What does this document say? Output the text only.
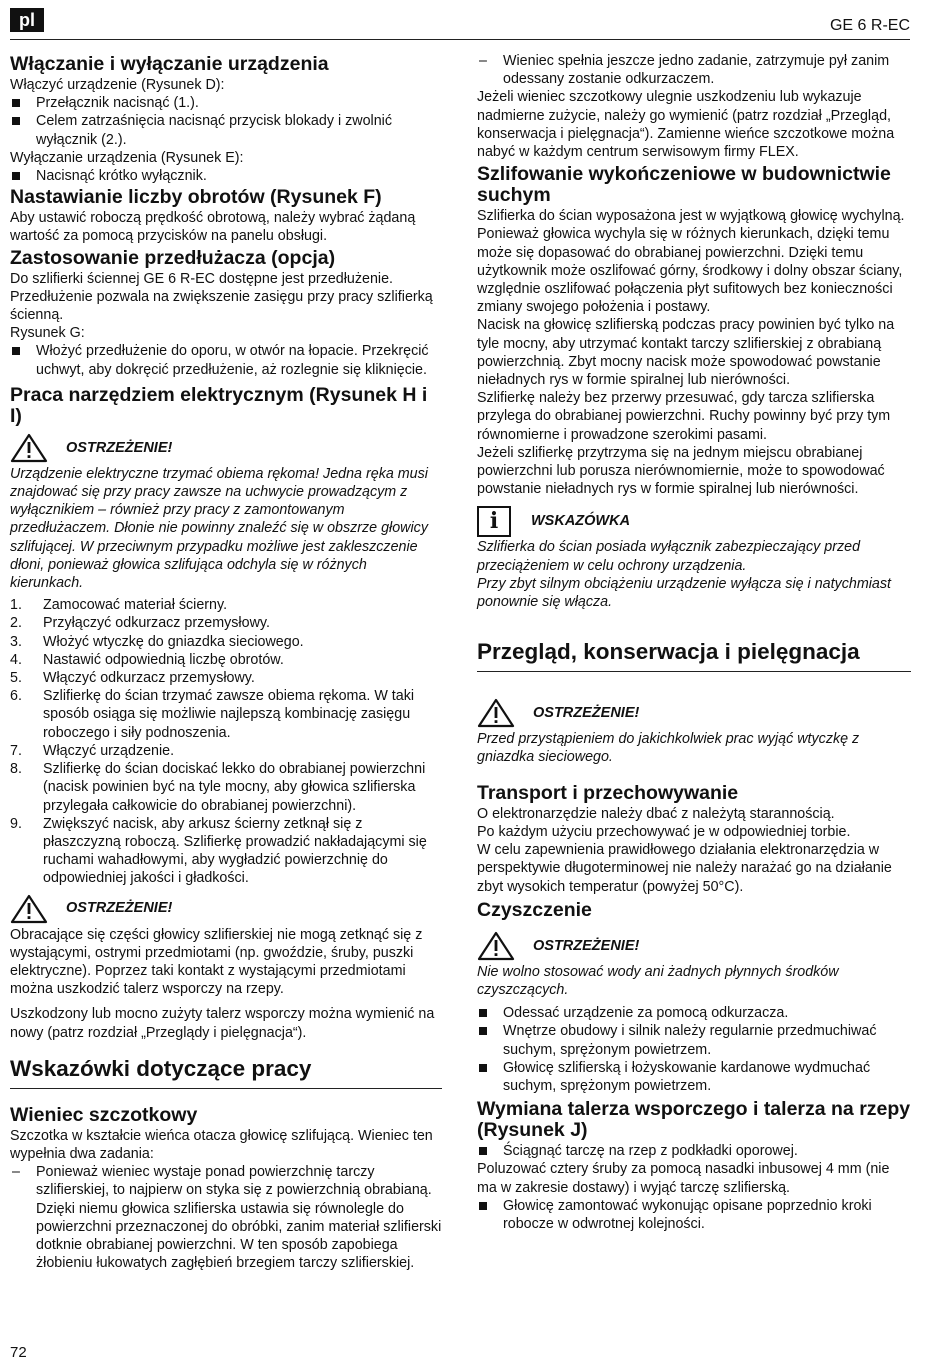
pl	GE 6 R-EC
Włączanie i wyłączanie urządzenia

Włączyć urządzenie (Rysunek D):

Przełącznik nacisnąć (1.).

Celem zatrzaśnięcia nacisnąć przycisk blokady i zwolnić wyłącznik (2.).

Wyłączanie urządzenia (Rysunek E):

Nacisnąć krótko wyłącznik.

Nastawianie liczby obrotów (Rysunek F)

Aby ustawić roboczą prędkość obrotową, należy wybrać żądaną wartość za pomocą przycisków na panelu obsługi.

Zastosowanie przedłużacza (opcja)

Do szlifierki ściennej GE 6 R-EC dostępne jest przedłużenie.

Przedłużenie pozwala na zwiększenie zasięgu przy pracy szlifierką ścienną.

Rysunek G:

Włożyć przedłużenie do oporu, w otwór na łopacie. Przekręcić uchwyt, aby dokręcić przedłużenie, aż rozlegnie się kliknięcie.

Praca narzędziem elektrycznym (Rysunek H i I)
OSTRZEŻENIE!

Urządzenie elektryczne trzymać obiema rękoma! Jedna ręka musi znajdować się przy pracy zawsze na uchwycie prowadzącym z wyłącznikiem – również przy pracy z zamontowanym przedłużaczem. Dłonie nie powinny znaleźć się w obszrze głowicy szlifującej. W przeciwnym przypadku możliwe jest zakleszczenie dłoni, ponieważ głowica szlifująca odchyla się w różnych kierunkach.

1. Zamocować materiał ścierny.
2. Przyłączyć odkurzacz przemysłowy.
3. Włożyć wtyczkę do gniazdka sieciowego.
4. Nastawić odpowiednią liczbę obrotów.
5. Włączyć odkurzacz przemysłowy.
6. Szlifierkę do ścian trzymać zawsze obiema rękoma. W taki sposób osiąga się możliwie najlepszą kombinację zasięgu roboczego i siły podnoszenia.
7. Włączyć urządzenie.
8. Szlifierkę do ścian dociskać lekko do obrabianej powierzchni (nacisk powinien być na tyle mocny, aby głowica szlifierska przylegała całkowicie do obrabianej powierzchni).
9. Zwiększyć nacisk, aby arkusz ścierny zetknął się z płaszczyzną roboczą. Szlifierkę prowadzić nakładającymi się ruchami wahadłowymi, aby wygładzić powierzchnię do odpowiedniej jakości i gładkości.
OSTRZEŻENIE!

Obracające się części głowicy szlifierskiej nie mogą zetknąć się z wystającymi, ostrymi przedmiotami (np. gwoździe, śruby, puszki elektryczne). Poprzez taki kontakt z wystającymi przedmiotami można uszkodzić talerz wsporczy na rzepy.

Uszkodzony lub mocno zużyty talerz wsporczy można wymienić na nowy (patrz rozdział „Przeglądy i pielęgnacja“).

Wskazówki dotyczące pracy
Wieniec szczotkowy

Szczotka w kształcie wieńca otacza głowicę szlifującą. Wieniec ten wypełnia dwa zadania:

– Ponieważ wieniec wystaje ponad powierzchnię tarczy szlifierskiej, to najpierw on styka się z powierzchnią obrabianą. Dzięki niemu głowica szlifierska ustawia się równolegle do powierzchni przeznaczonej do obróbki, zanim materiał szlifierski dotknie obrabianej powierzchni. W ten sposób zapobiega żłobieniu łukowatych zagłębień brzegiem tarczy szlifierskiej.

– Wieniec spełnia jeszcze jedno zadanie, zatrzymuje pył zanim odessany zostanie odkurzaczem.

Jeżeli wieniec szczotkowy ulegnie uszkodzeniu lub wykazuje nadmierne zużycie, należy go wymienić (patrz rozdział „Przegląd, konserwacja i pielęgnacja“). Zamienne wieńce szczotkowe można nabyć w każdym centrum serwisowym firmy FLEX.

Szlifowanie wykończeniowe w budownictwie suchym

Szlifierka do ścian wyposażona jest w wyjątkową głowicę wychylną. Ponieważ głowica wychyla się w różnych kierunkach, dzięki temu może się dopasować do obrabianej powierzchni. Dzięki temu użytkownik może oszlifować górny, środkowy i dolny obszar ściany, względnie oszlifować połączenia płyt sufitowych bez konieczności zmiany swojego położenia i postawy.

Nacisk na głowicę szlifierską podczas pracy powinien być tylko na tyle mocny, aby utrzymać kontakt tarczy szlifierskiej z obrabianą powierzchnią. Zbyt mocny nacisk może spowodować powstanie nieładnych rys w formie spiralnej lub nierówności.

Szlifierkę należy bez przerwy przesuwać, gdy tarcza szlifierska przylega do obrabianej powierzchni. Ruchy powinny być przy tym równomierne i prowadzone szerokimi pasami.

Jeżeli szlifierkę przytrzyma się na jednym miejscu obrabianej powierzchni lub porusza nierównomiernie, może to spowodować powstanie nieładnych rys w formie spiralnej lub nierówności.

i	WSKAZÓWKA

Szlifierka do ścian posiada wyłącznik zabezpieczający przed przeciążeniem w celu ochrony urządzenia.

Przy zbyt silnym obciążeniu urządzenie wyłącza się i natychmiast ponownie się włącza.

Przegląd, konserwacja i pielęgnacja
OSTRZEŻENIE!

Przed przystąpieniem do jakichkolwiek prac wyjąć wtyczkę z gniazdka sieciowego.

Transport i przechowywanie

O elektronarzędzie należy dbać z należytą starannością.

Po każdym użyciu przechowywać je w odpowiedniej torbie.

W celu zapewnienia prawidłowego działania elektronarzędzia w perspektywie długoterminowej nie należy narażać go na działanie zbyt wysokich temperatur (powyżej 50°C).

Czyszczenie
OSTRZEŻENIE!

Nie wolno stosować wody ani żadnych płynnych środków czyszczących.

Odessać urządzenie za pomocą odkurzacza.

Wnętrze obudowy i silnik należy regularnie przedmuchiwać suchym, sprężonym powietrzem.

Głowicę szlifierską i łożyskowanie kardanowe wydmuchać suchym, sprężonym powietrzem.

Wymiana talerza wsporczego i talerza na rzepy (Rysunek J)

Ściągnąć tarczę na rzep z podkładki oporowej.

Poluzować cztery śruby za pomocą nasadki inbusowej 4 mm (nie ma w zakresie dostawy) i wyjąć tarczę szlifierską.

Głowicę zamontować wykonując opisane poprzednio kroki robocze w odwrotnej kolejności.

72
